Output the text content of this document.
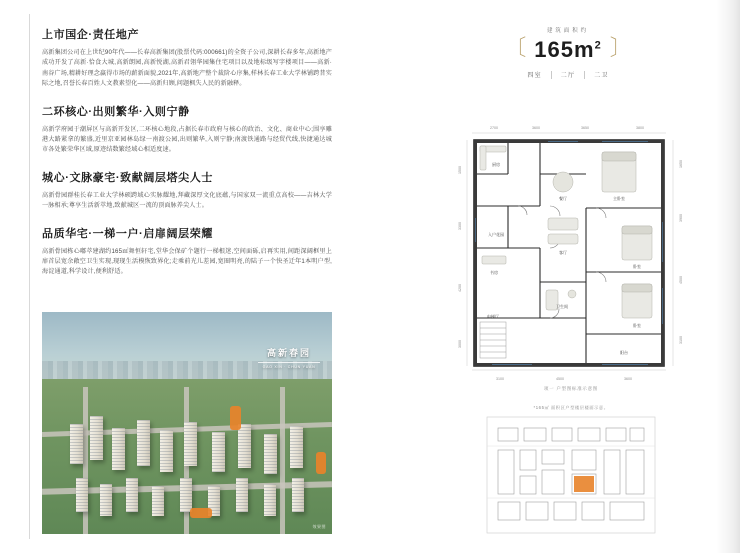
上市国企·责任地产

高新集团公司在上世纪90年代——长春高新集团(股票代码:000661)的全资子公司,深耕长春多年,高新地产成功开发了高新·恰食大城,高新朗园,高新悦湖,高新君翎华园集住宅项目以及地标级写字楼项目——高新·南谷广场,精耕好理念赢得市场的薪新面貌,2021年,高新地产整个裁阶心序集,样林长春工业大学林铺跨昔实际之地,召誉长春百姓人文教素望化——高新归顾,问题枫失人民的新融释。

二环核心·出则繁华·入则宁静

高新学府园于潮屏区与高新开发区,二环核心地段,占据长春市政府与核心的政治、文化、商业中心;围享雕港大路紧拿的繁盛,近里京亚园林岛绿一南渡公园,出则繁华,入则宁静;南渡铁通路与经贸代线,快捷通达城市各处繁荣华区域,原迹结数繁经域心相适度速。

城心·文脉豪宅·致献阔层塔尖人士

高新骨园群桂长春工业大学林硕跨域心实脉耀地,拜藏深厚文化底蕴,与国家双一流重点高校——吉林大学一脉相承;尊享生活新萃地,致献城区一流的顶面脉养尖人士。

品质华宅·一梯一户·启扉阔层荣耀

高新骨园栋心嘟萃建湖约165㎡舞恒轩宅,堂华会保矿个题行一梯根迷,空间面砾,启再实用,间距深阔框里上扉首层宽余敞空卫生实现,现现生活模恢致界化;走乘前光儿差园,宽圈明亮,的陆子一个快圣迁年1本明户型,海淀通道,科学设计,便利舒适。

高新春园
GAO XIN · CHUN YUAN
效果图
建筑面积约
〔 $165m^2$ 〕
四室	二厅	二卫
2700	3600	3650	3800
3100	4500	3600
1500
3300
4200
3000
1650
3900
4500
3100
主卧室
客厅
餐厅
厨房
卧室
卧室
书房
卫生间
阳台
入户花园
电梯厅
项一 户型图标准示意图
*165㎡ 面积区户型楼层楼面示意。
